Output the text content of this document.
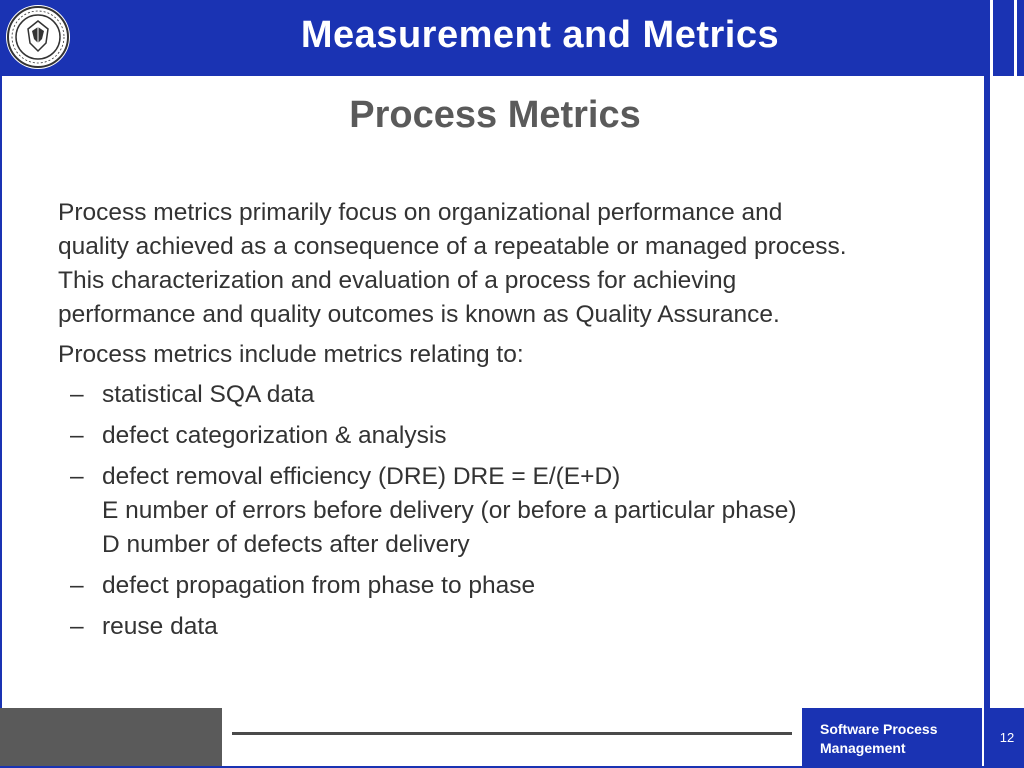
Measurement and Metrics
Process Metrics

Process metrics primarily focus on organizational performance and
quality achieved as a consequence of a repeatable or managed process.
This characterization and evaluation of a process for achieving
performance and quality outcomes is known as Quality Assurance.

Process metrics include metrics relating to:

– statistical SQA data
– defect categorization & analysis
– defect removal efficiency (DRE) DRE = E/(E+D)
E number of errors before delivery (or before a particular phase)
D number of defects after delivery
– defect propagation from phase to phase
– reuse data
Software Process
Management
12
